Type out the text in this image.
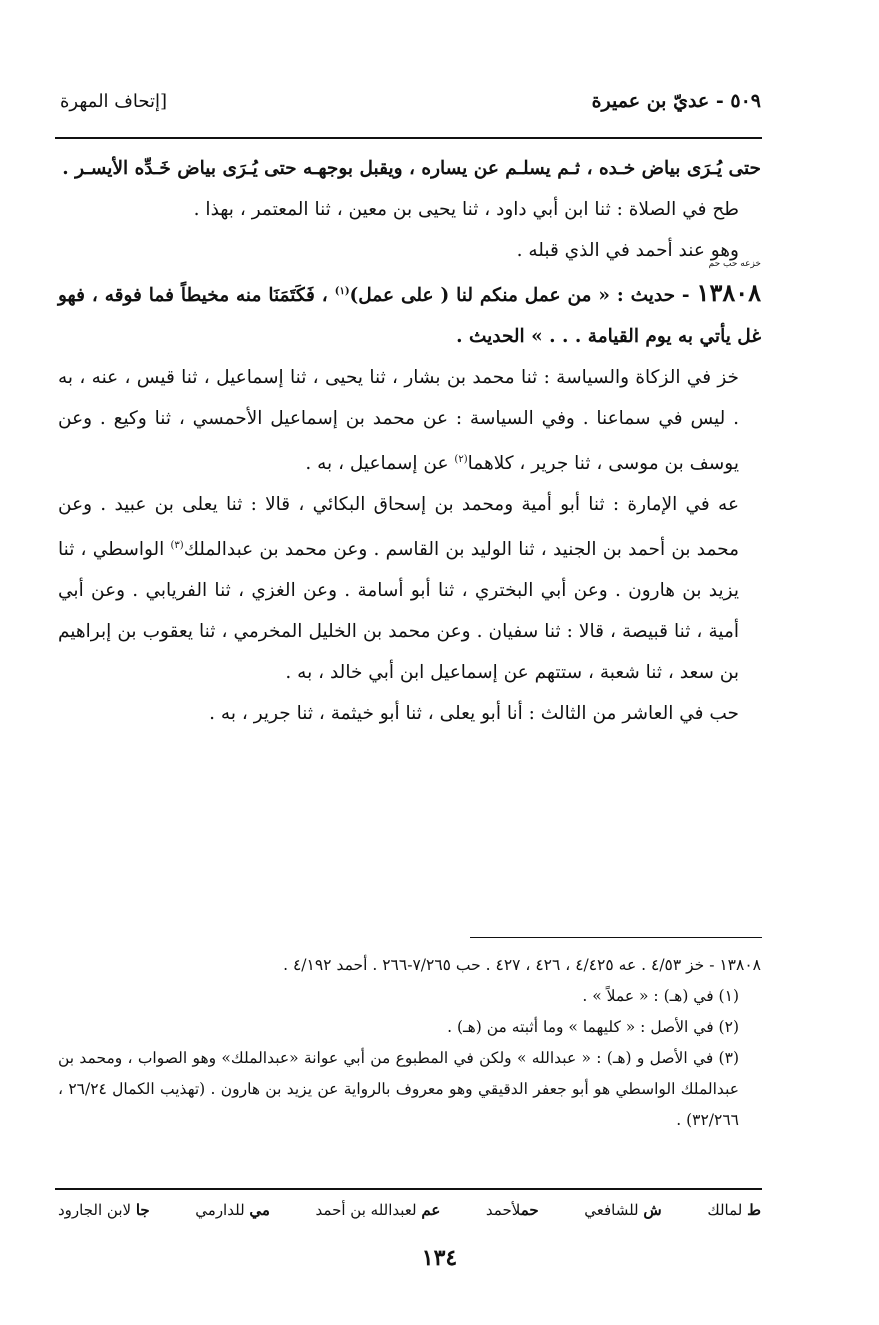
٥٠٩ - عديّ بن عميرة
[إتحاف المهرة

حتى يُـرَى بياض خـده ، ثـم يسلـم عن يساره ، ويقبل بوجهـه حتى يُـرَى بياض خَـدِّه الأيسـر .

طح في الصلاة : ثنا ابن أبي داود ، ثنا يحيى بن معين ، ثنا المعتمر ، بهذا .

وهو عند أحمد في الذي قبله .

خزعه حب حم
١٣٨٠٨ - حديث : « من عمل منكم لنا ( على عمل)$^{(١)}$ ، فَكَتَمَنَا منه مخيطاً فما فوقه ، فهو غل يأتي به يوم القيامة . . . » الحديث .

خز في الزكاة والسياسة : ثنا محمد بن بشار ، ثنا يحيى ، ثنا إسماعيل ، ثنا قيس ، عنه ، به . ليس في سماعنا . وفي السياسة : عن محمد بن إسماعيل الأحمسي ، ثنا وكيع . وعن يوسف بن موسى ، ثنا جرير ، كلاهما$^{(٢)}$ عن إسماعيل ، به .

عه في الإمارة : ثنا أبو أمية ومحمد بن إسحاق البكائي ، قالا : ثنا يعلى بن عبيد . وعن محمد بن أحمد بن الجنيد ، ثنا الوليد بن القاسم . وعن محمد بن عبدالملك$^{(٣)}$ الواسطي ، ثنا يزيد بن هارون . وعن أبي البختري ، ثنا أبو أسامة . وعن الغزي ، ثنا الفريابي . وعن أبي أمية ، ثنا قبيصة ، قالا : ثنا سفيان . وعن محمد بن الخليل المخرمي ، ثنا يعقوب بن إبراهيم بن سعد ، ثنا شعبة ، ستتهم عن إسماعيل ابن أبي خالد ، به .

حب في العاشر من الثالث : أنا أبو يعلى ، ثنا أبو خيثمة ، ثنا جرير ، به .

١٣٨٠٨ - خز ٤/٥٣ . عه ٤/٤٢٥ ، ٤٢٦ ، ٤٢٧ . حب ٧/٢٦٥-٢٦٦ . أحمد ٤/١٩٢ .

(١) في (هـ) : « عملاً » .

(٢) في الأصل : « كليهما » وما أثبته من (هـ) .

(٣) في الأصل و (هـ) : « عبدالله » ولكن في المطبوع من أبي عوانة «عبدالملك» وهو الصواب ، ومحمد بن عبدالملك الواسطي هو أبو جعفر الدقيقي وهو معروف بالرواية عن يزيد بن هارون . (تهذيب الكمال ٢٦/٢٤ ، ٣٢/٢٦٦) .

ط لمالك
ش للشافعي
حملأحمد
عم لعبدالله بن أحمد
مي للدارمي
جا لابن الجارود
١٣٤
